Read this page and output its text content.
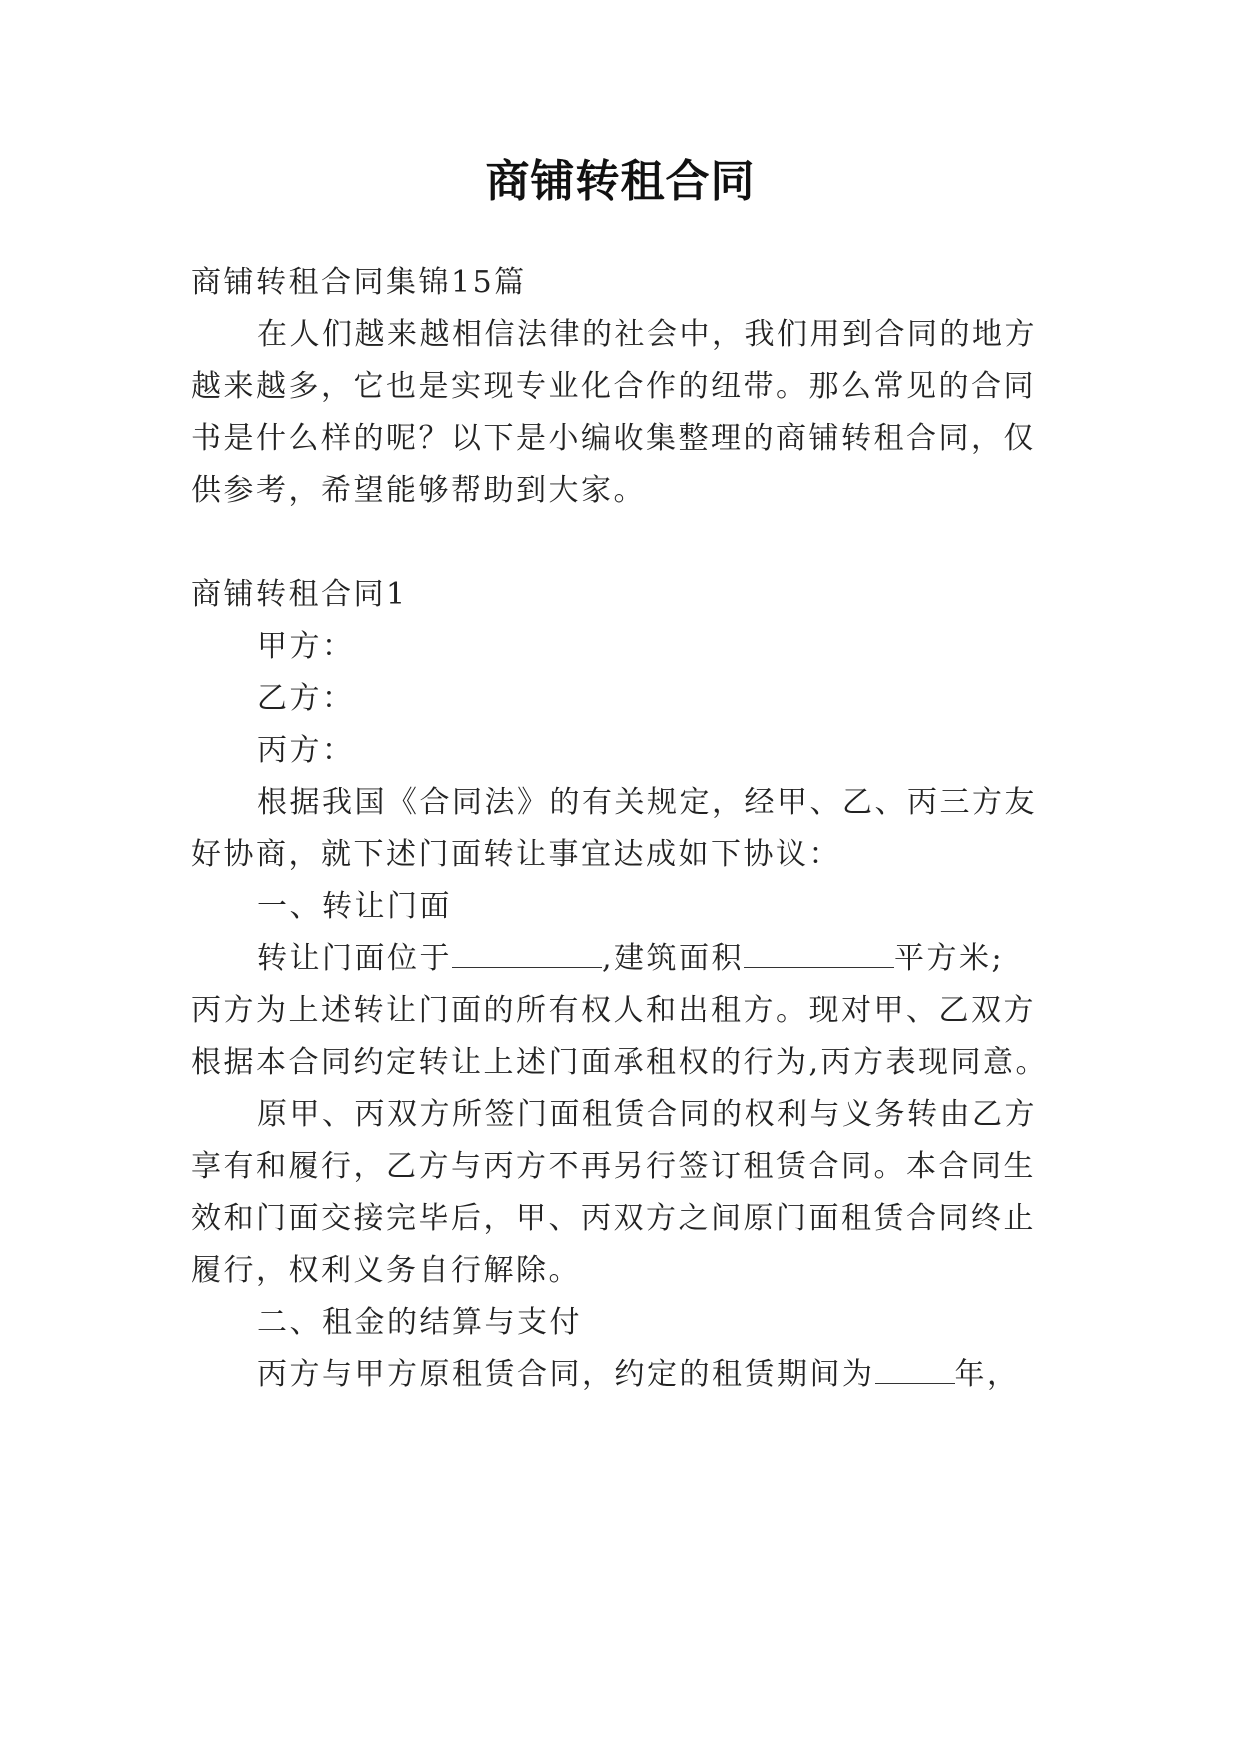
商铺转租合同
商铺转租合同集锦15篇
在人们越来越相信法律的社会中，我们用到合同的地方
越来越多，它也是实现专业化合作的纽带。那么常见的合同
书是什么样的呢？以下是小编收集整理的商铺转租合同，仅
供参考，希望能够帮助到大家。
商铺转租合同1
甲方：
乙方：
丙方：
根据我国《合同法》的有关规定，经甲、乙、丙三方友
好协商，就下述门面转让事宜达成如下协议：
一、转让门面
转让门面位于	,建筑面积	平方米;
丙方为上述转让门面的所有权人和出租方。现对甲、乙双方
根据本合同约定转让上述门面承租权的行为,丙方表现同意。
原甲、丙双方所签门面租赁合同的权利与义务转由乙方
享有和履行，乙方与丙方不再另行签订租赁合同。本合同生
效和门面交接完毕后，甲、丙双方之间原门面租赁合同终止
履行，权利义务自行解除。
二、租金的结算与支付
丙方与甲方原租赁合同，约定的租赁期间为	年，
